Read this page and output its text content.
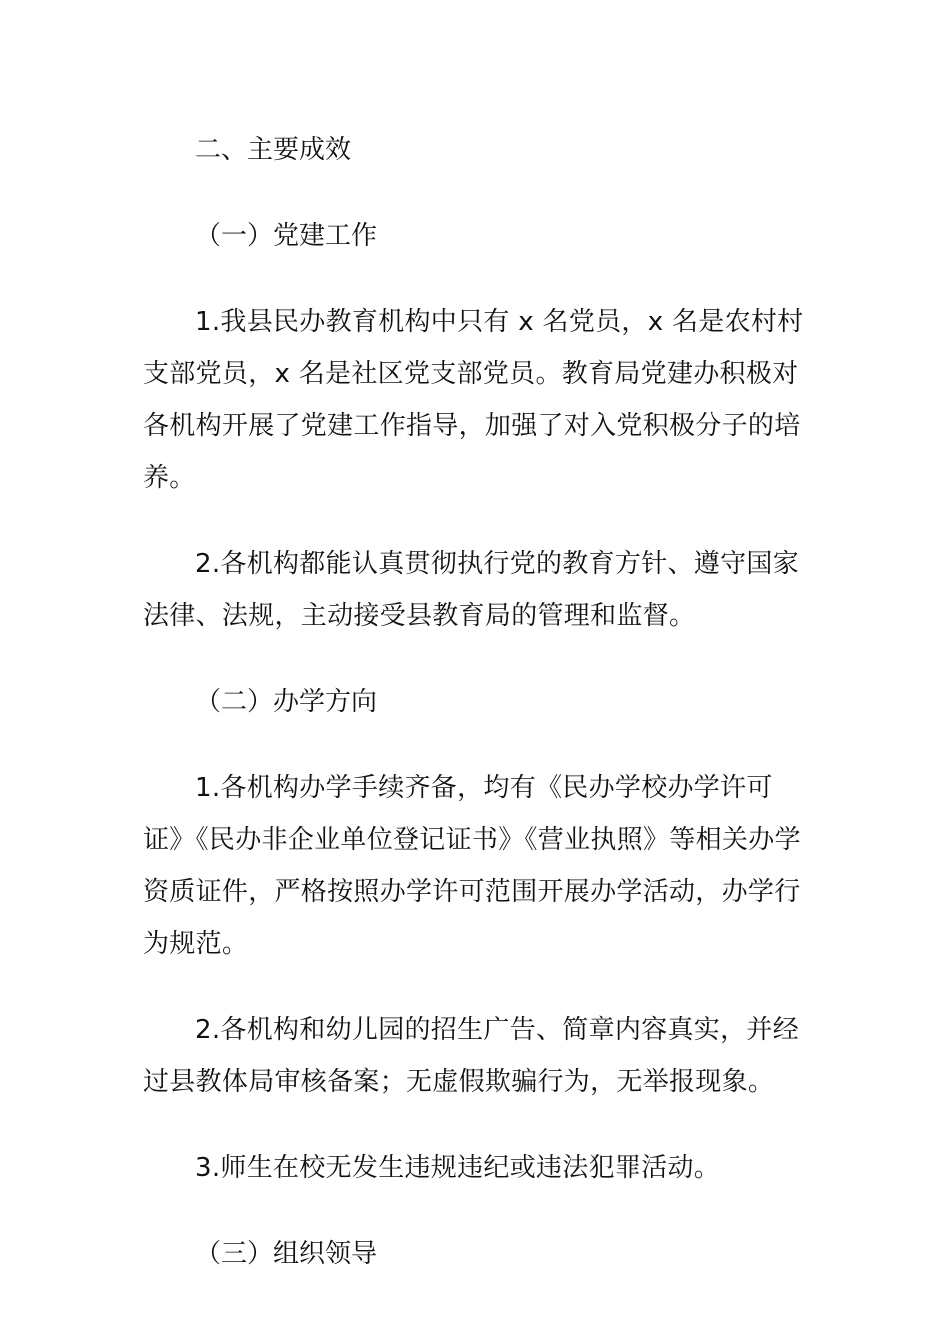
二、主要成效

（一）党建工作

1.我县民办教育机构中只有 x 名党员，x 名是农村村支部党员，x 名是社区党支部党员。教育局党建办积极对各机构开展了党建工作指导，加强了对入党积极分子的培养。

2.各机构都能认真贯彻执行党的教育方针、遵守国家法律、法规，主动接受县教育局的管理和监督。

（二）办学方向

1.各机构办学手续齐备，均有《民办学校办学许可证》《民办非企业单位登记证书》《营业执照》等相关办学资质证件，严格按照办学许可范围开展办学活动，办学行为规范。

2.各机构和幼儿园的招生广告、简章内容真实，并经过县教体局审核备案；无虚假欺骗行为，无举报现象。

3.师生在校无发生违规违纪或违法犯罪活动。

（三）组织领导
